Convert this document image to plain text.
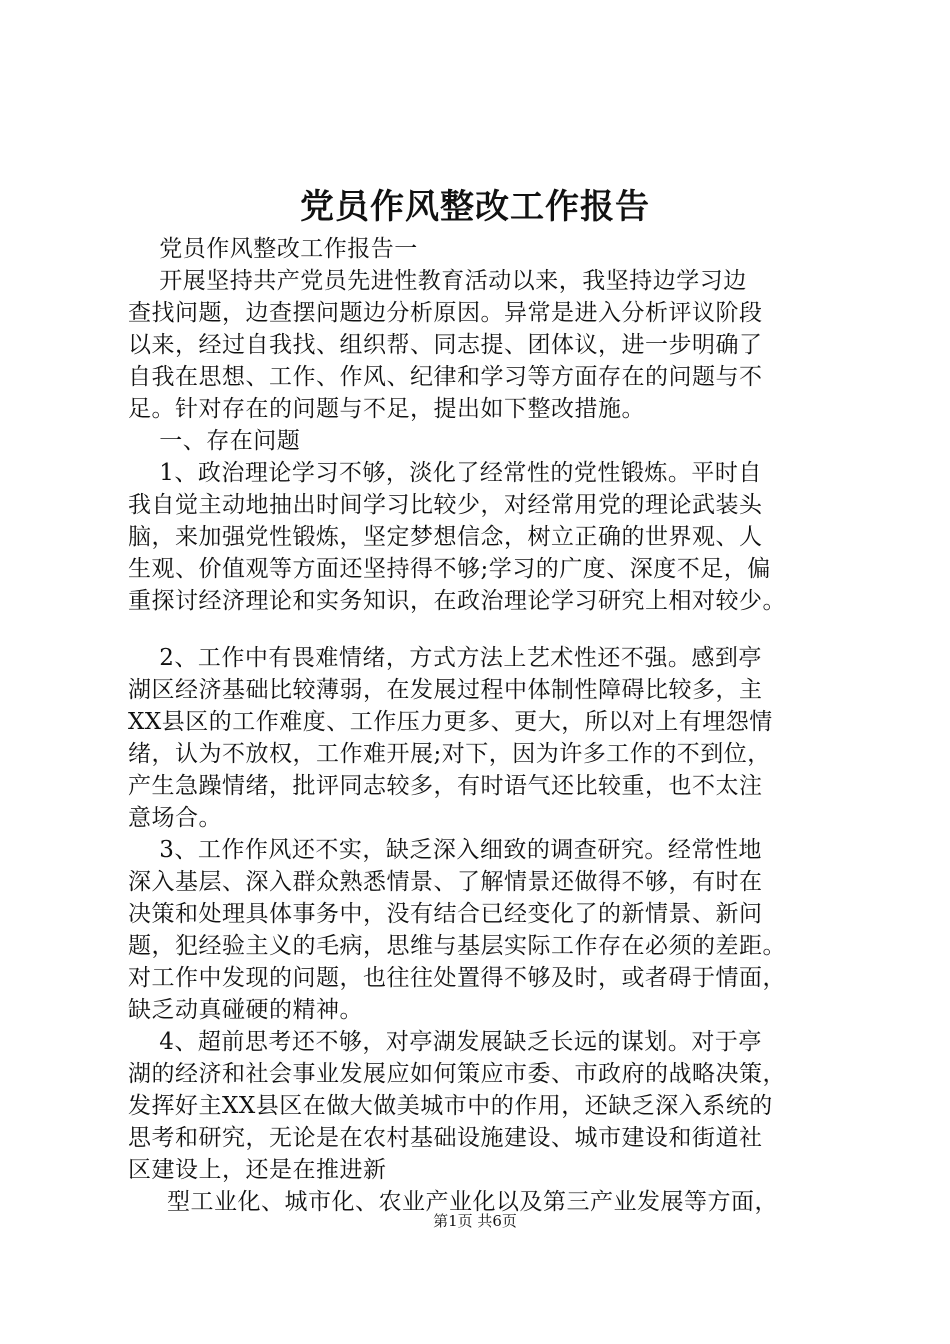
党员作风整改工作报告
党员作风整改工作报告一
开展坚持共产党员先进性教育活动以来，我坚持边学习边
查找问题，边查摆问题边分析原因。异常是进入分析评议阶段
以来，经过自我找、组织帮、同志提、团体议，进一步明确了
自我在思想、工作、作风、纪律和学习等方面存在的问题与不
足。针对存在的问题与不足，提出如下整改措施。
一、存在问题
1、政治理论学习不够，淡化了经常性的党性锻炼。平时自
我自觉主动地抽出时间学习比较少，对经常用党的理论武装头
脑，来加强党性锻炼，坚定梦想信念，树立正确的世界观、人
生观、价值观等方面还坚持得不够;学习的广度、深度不足，偏
重探讨经济理论和实务知识，在政治理论学习研究上相对较少。
2、工作中有畏难情绪，方式方法上艺术性还不强。感到亭
湖区经济基础比较薄弱，在发展过程中体制性障碍比较多，主
XX县区的工作难度、工作压力更多、更大，所以对上有埋怨情
绪，认为不放权，工作难开展;对下，因为许多工作的不到位，
产生急躁情绪，批评同志较多，有时语气还比较重，也不太注
意场合。
3、工作作风还不实，缺乏深入细致的调查研究。经常性地
深入基层、深入群众熟悉情景、了解情景还做得不够，有时在
决策和处理具体事务中，没有结合已经变化了的新情景、新问
题，犯经验主义的毛病，思维与基层实际工作存在必须的差距。
对工作中发现的问题，也往往处置得不够及时，或者碍于情面，
缺乏动真碰硬的精神。
4、超前思考还不够，对亭湖发展缺乏长远的谋划。对于亭
湖的经济和社会事业发展应如何策应市委、市政府的战略决策，
发挥好主XX县区在做大做美城市中的作用，还缺乏深入系统的
思考和研究，无论是在农村基础设施建设、城市建设和街道社
区建设上，还是在推进新
型工业化、城市化、农业产业化以及第三产业发展等方面，
第1页 共6页
